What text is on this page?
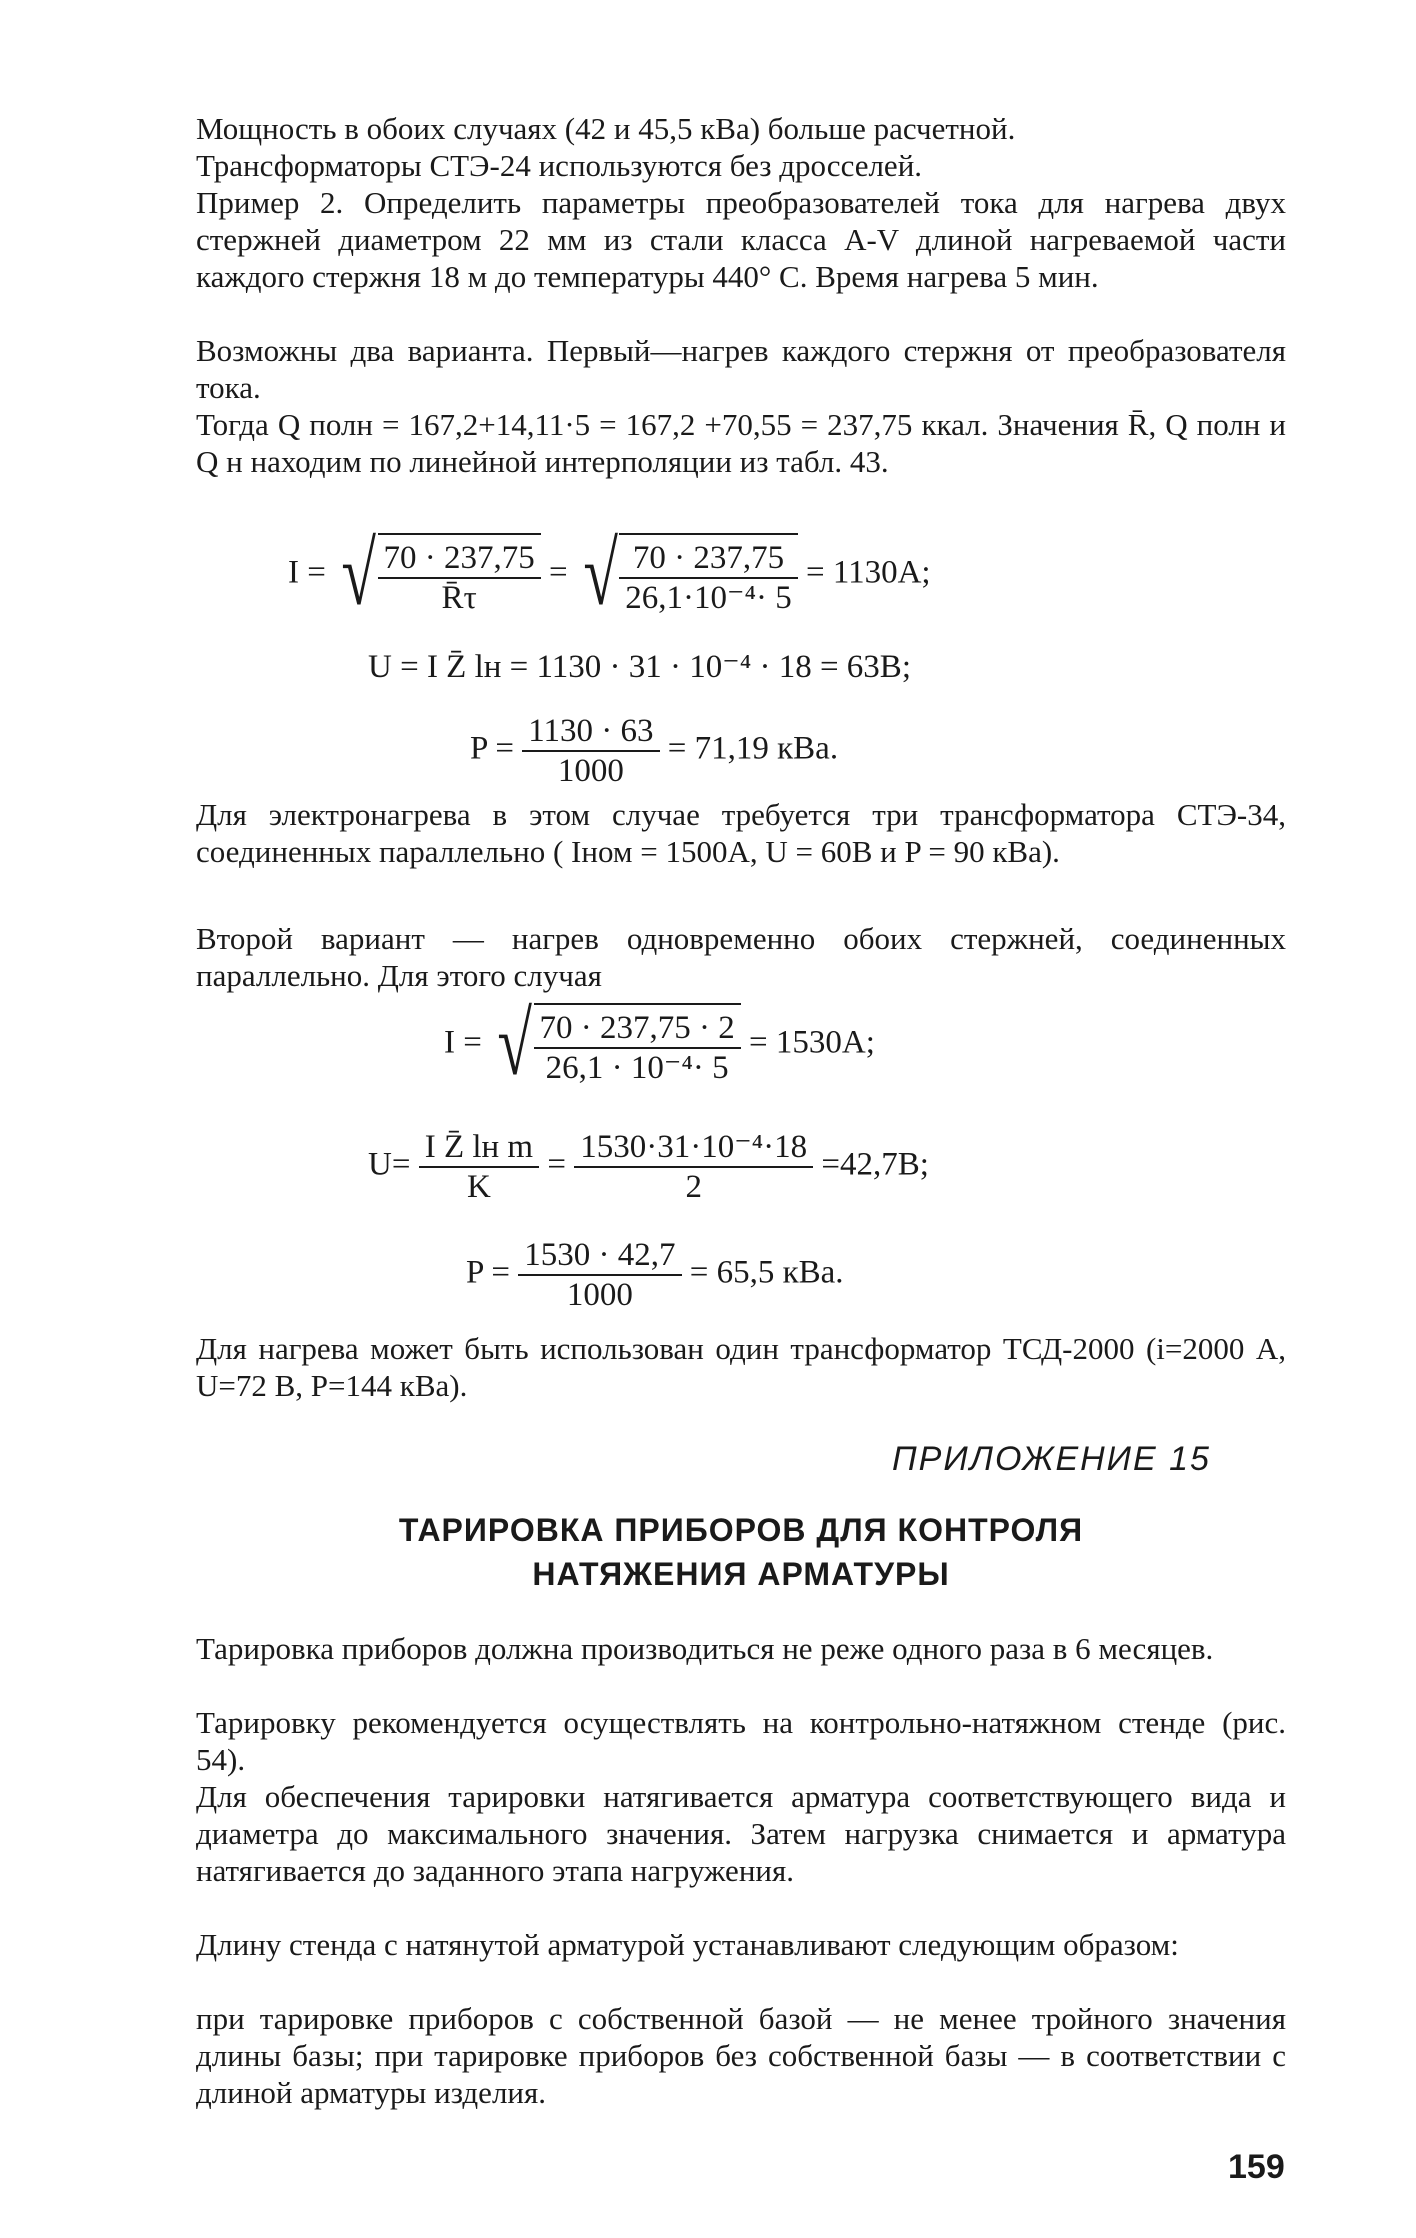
Мощность в обоих случаях (42 и 45,5 кВа) больше расчетной.

Трансформаторы СТЭ-24 используются без дросселей.

Пример 2. Определить параметры преобразователей тока для нагрева двух стержней диаметром 22 мм из стали класса А-V длиной нагреваемой части каждого стержня 18 м до температуры 440° С. Время нагрева 5 мин.

Возможны два варианта. Первый—нагрев каждого стержня от преобразователя тока.

Тогда Q полн = 167,2+14,11·5 = 167,2 +70,55 = 237,75 ккал. Значения R̄, Q полн и Q н находим по линейной интерполяции из табл. 43.

I = √ $\frac{70 \cdot 237,75}{R̄\tau}$ = √ $\frac{70 \cdot 237,75}{\text{26,1·10⁻⁴· 5}} = 1130А$;
U = I Z̄ lн = 1130 · 31 · 10⁻⁴ · 18 = 63В;
$P = \frac{1130 \cdot 63}{1000} = 71,19$ кВа.

Для электронагрева в этом случае требуется три трансформатора СТЭ-34, соединенных параллельно ( Iном = 1500А, U = 60В и P = 90 кВа).

Второй вариант — нагрев одновременно обоих стержней, соединенных параллельно. Для этого случая

I = √ $\frac{70 \cdot 237,75 \cdot 2}{\text{26,1 · 10⁻⁴· 5}} = 1530А$;
$U= \frac{\text{I Z̄ lн m}}{K} = \frac{\text{1530·31·10⁻⁴·18}}{2} =42,7В$;
$P = \frac{1530 \cdot 42,7}{1000} = 65,5$ кВа.

Для нагрева может быть использован один трансформатор ТСД-2000 (i=2000 А, U=72 В, P=144 кВа).

ПРИЛОЖЕНИЕ 15
ТАРИРОВКА ПРИБОРОВ ДЛЯ КОНТРОЛЯ
НАТЯЖЕНИЯ АРМАТУРЫ

Тарировка приборов должна производиться не реже одного раза в 6 месяцев.

Тарировку рекомендуется осуществлять на контрольно-натяжном стенде (рис. 54).

Для обеспечения тарировки натягивается арматура соответствующего вида и диаметра до максимального значения. Затем нагрузка снимается и арматура натягивается до заданного этапа нагружения.

Длину стенда с натянутой арматурой устанавливают следующим образом:

при тарировке приборов с собственной базой — не менее тройного значения длины базы; при тарировке приборов без собственной базы — в соответствии с длиной арматуры изделия.

159
